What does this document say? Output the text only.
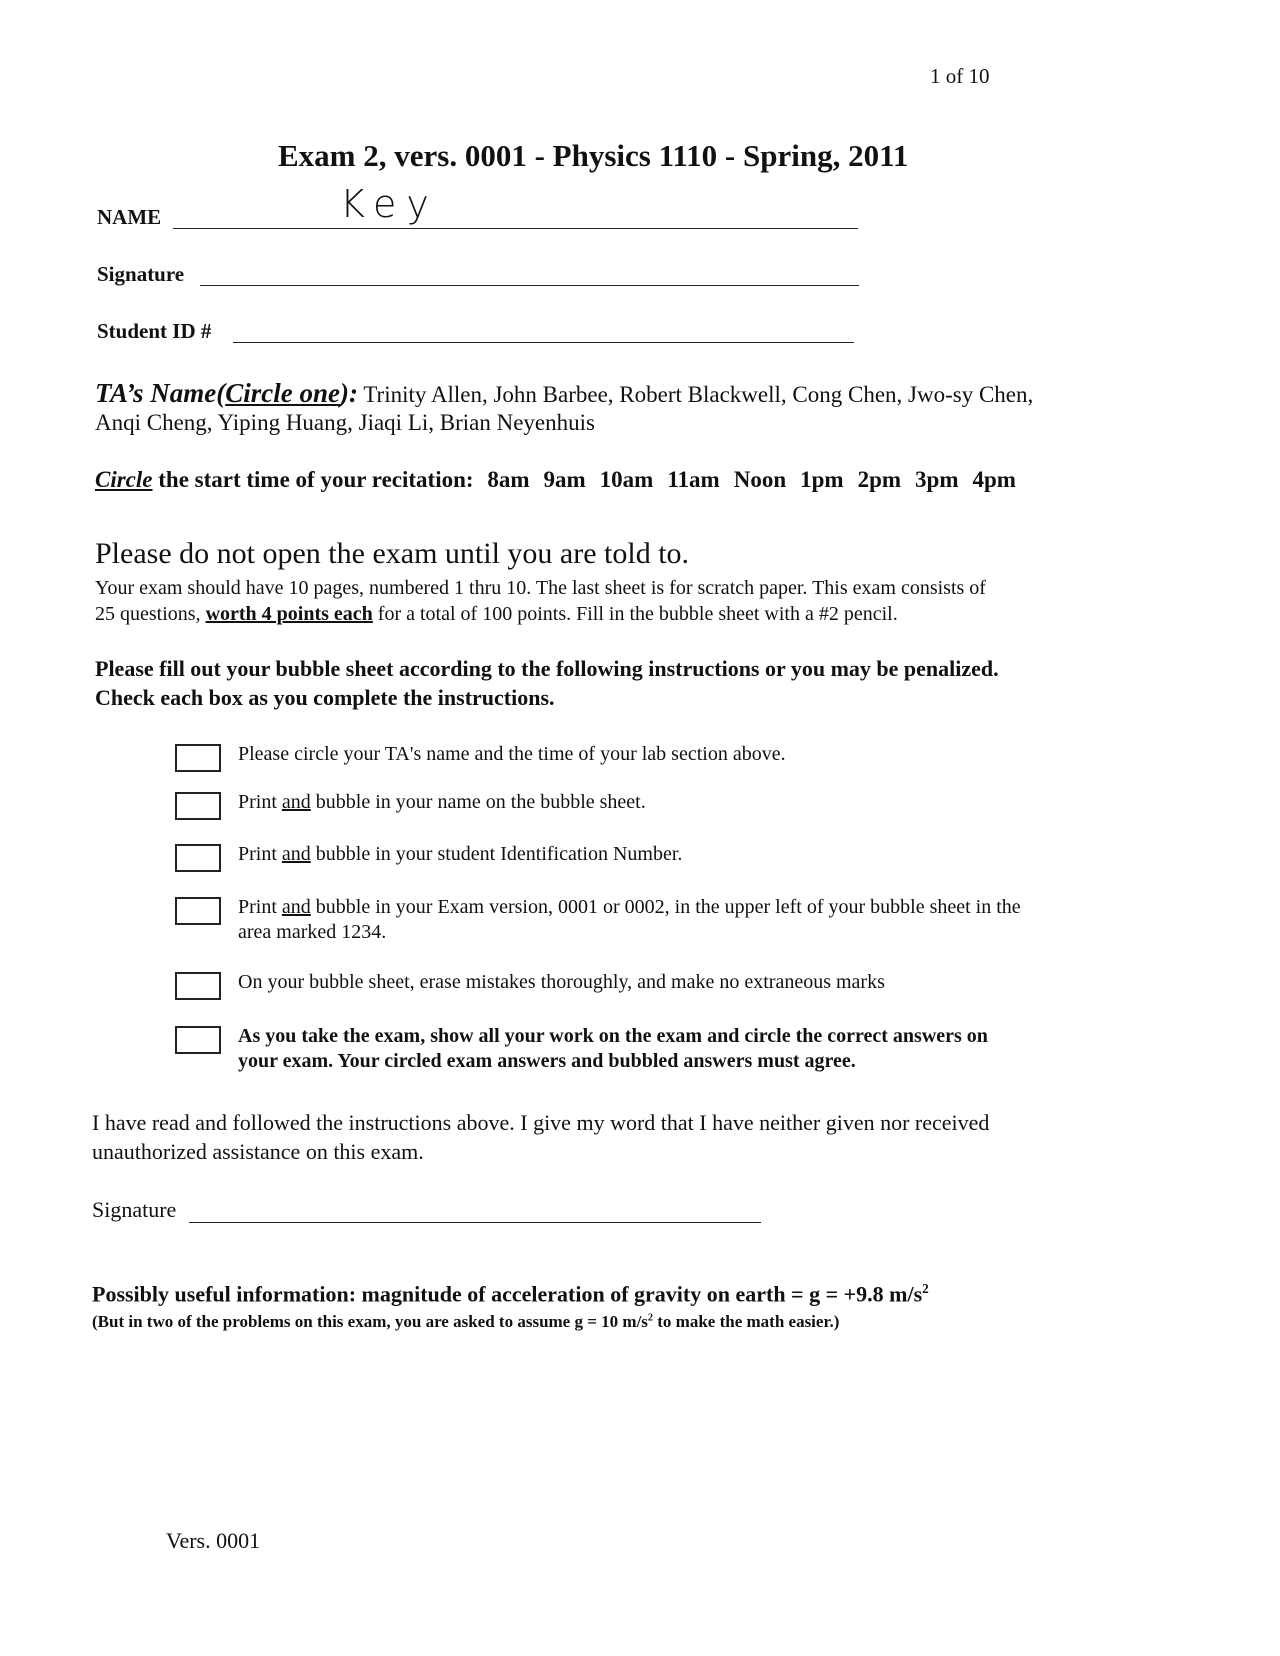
1 of 10
Exam 2, vers. 0001 - Physics 1110 - Spring, 2011
NAME	Key
Signature
Student ID #
TA’s Name(Circle one): Trinity Allen, John Barbee, Robert Blackwell, Cong Chen, Jwo-sy Chen,
Anqi Cheng, Yiping Huang, Jiaqi Li, Brian Neyenhuis
Circle the start time of your recitation: 8am 9am 10am 11am Noon 1pm 2pm 3pm 4pm
Please do not open the exam until you are told to.
Your exam should have 10 pages, numbered 1 thru 10. The last sheet is for scratch paper. This exam consists of
25 questions, worth 4 points each for a total of 100 points. Fill in the bubble sheet with a #2 pencil.
Please fill out your bubble sheet according to the following instructions or you may be penalized.
Check each box as you complete the instructions.
Please circle your TA's name and the time of your lab section above.
Print and bubble in your name on the bubble sheet.
Print and bubble in your student Identification Number.
Print and bubble in your Exam version, 0001 or 0002, in the upper left of your bubble sheet in the
area marked 1234.
On your bubble sheet, erase mistakes thoroughly, and make no extraneous marks
As you take the exam, show all your work on the exam and circle the correct answers on
your exam. Your circled exam answers and bubbled answers must agree.
I have read and followed the instructions above. I give my word that I have neither given nor received
unauthorized assistance on this exam.
Signature
Possibly useful information: magnitude of acceleration of gravity on earth = g = +9.8 $m/s^2$
(But in two of the problems on this exam, you are asked to assume g = 10 $m/s^2$ to make the math easier.)
Vers. 0001
